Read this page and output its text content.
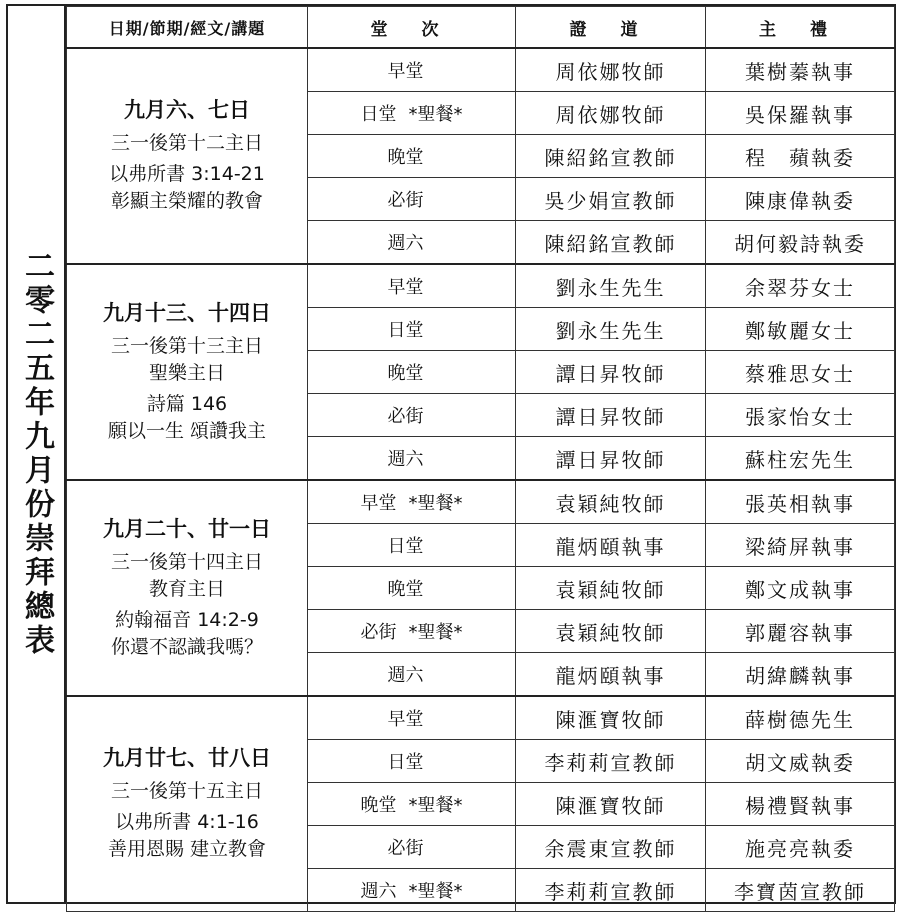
二零二五年九月份崇拜總表
日期/節期/經文/講題	堂 次	證 道	主 禮

九月六、七日
三一後第十二主日
以弗所書 3:14-21
彰顯主榮耀的教會	早堂	周依娜牧師	葉樹蓁執事
	日堂 *聖餐*	周依娜牧師	吳保羅執事
	晚堂	陳紹銘宣教師	程　蘋執委
	必街	吳少娟宣教師	陳康偉執委
	週六	陳紹銘宣教師	胡何毅詩執委

九月十三、十四日
三一後第十三主日
聖樂主日
詩篇 146
願以一生 頌讚我主	早堂	劉永生先生	余翠芬女士
	日堂	劉永生先生	鄭敏麗女士
	晚堂	譚日昇牧師	蔡雅思女士
	必街	譚日昇牧師	張家怡女士
	週六	譚日昇牧師	蘇柱宏先生

九月二十、廿一日
三一後第十四主日
教育主日
約翰福音 14:2-9
你還不認識我嗎？	早堂 *聖餐*	袁穎純牧師	張英相執事
	日堂	龍炳頤執事	梁綺屏執事
	晚堂	袁穎純牧師	鄭文成執事
	必街 *聖餐*	袁穎純牧師	郭麗容執事
	週六	龍炳頤執事	胡緯麟執事

九月廿七、廿八日
三一後第十五主日
以弗所書 4:1-16
善用恩賜 建立教會	早堂	陳滙寶牧師	薛樹德先生
	日堂	李莉莉宣教師	胡文威執委
	晚堂 *聖餐*	陳滙寶牧師	楊禮賢執事
	必街	余震東宣教師	施亮亮執委
	週六 *聖餐*	李莉莉宣教師	李寶茵宣教師
